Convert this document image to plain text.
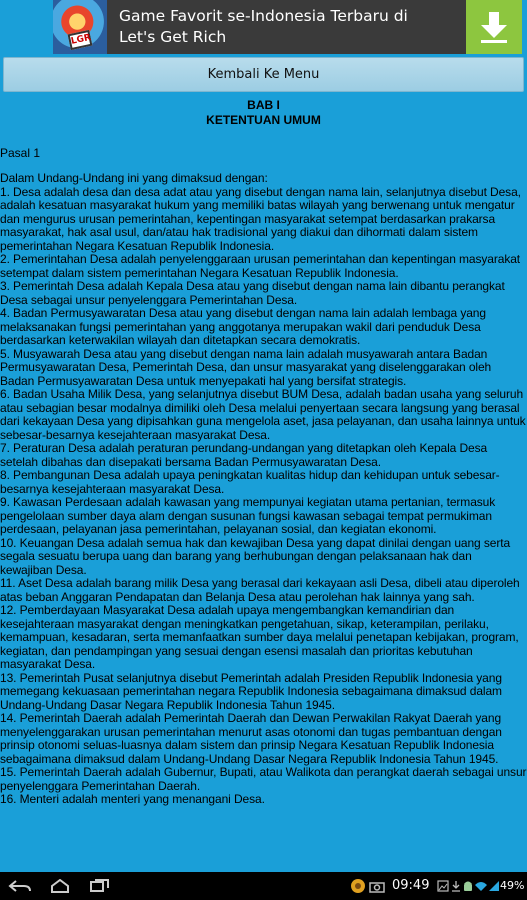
LGR
Game Favorit se-Indonesia Terbaru di Let's Get Rich
Kembali Ke Menu
BAB I
KETENTUAN UMUM
Pasal 1

Dalam Undang-Undang ini yang dimaksud dengan:

1. Desa adalah desa dan desa adat atau yang disebut dengan nama lain, selanjutnya disebut Desa, adalah kesatuan masyarakat hukum yang memiliki batas wilayah yang berwenang untuk mengatur dan mengurus urusan pemerintahan, kepentingan masyarakat setempat berdasarkan prakarsa masyarakat, hak asal usul, dan/atau hak tradisional yang diakui dan dihormati dalam sistem pemerintahan Negara Kesatuan Republik Indonesia.

2. Pemerintahan Desa adalah penyelenggaraan urusan pemerintahan dan kepentingan masyarakat setempat dalam sistem pemerintahan Negara Kesatuan Republik Indonesia.

3. Pemerintah Desa adalah Kepala Desa atau yang disebut dengan nama lain dibantu perangkat Desa sebagai unsur penyelenggara Pemerintahan Desa.

4. Badan Permusyawaratan Desa atau yang disebut dengan nama lain adalah lembaga yang melaksanakan fungsi pemerintahan yang anggotanya merupakan wakil dari penduduk Desa berdasarkan keterwakilan wilayah dan ditetapkan secara demokratis.

5. Musyawarah Desa atau yang disebut dengan nama lain adalah musyawarah antara Badan Permusyawaratan Desa, Pemerintah Desa, dan unsur masyarakat yang diselenggarakan oleh Badan Permusyawaratan Desa untuk menyepakati hal yang bersifat strategis.

6. Badan Usaha Milik Desa, yang selanjutnya disebut BUM Desa, adalah badan usaha yang seluruh atau sebagian besar modalnya dimiliki oleh Desa melalui penyertaan secara langsung yang berasal dari kekayaan Desa yang dipisahkan guna mengelola aset, jasa pelayanan, dan usaha lainnya untuk sebesar-besarnya kesejahteraan masyarakat Desa.

7. Peraturan Desa adalah peraturan perundang-undangan yang ditetapkan oleh Kepala Desa setelah dibahas dan disepakati bersama Badan Permusyawaratan Desa.

8. Pembangunan Desa adalah upaya peningkatan kualitas hidup dan kehidupan untuk sebesar-besarnya kesejahteraan masyarakat Desa.

9. Kawasan Perdesaan adalah kawasan yang mempunyai kegiatan utama pertanian, termasuk pengelolaan sumber daya alam dengan susunan fungsi kawasan sebagai tempat permukiman perdesaan, pelayanan jasa pemerintahan, pelayanan sosial, dan kegiatan ekonomi.

10. Keuangan Desa adalah semua hak dan kewajiban Desa yang dapat dinilai dengan uang serta segala sesuatu berupa uang dan barang yang berhubungan dengan pelaksanaan hak dan kewajiban Desa.

11. Aset Desa adalah barang milik Desa yang berasal dari kekayaan asli Desa, dibeli atau diperoleh atas beban Anggaran Pendapatan dan Belanja Desa atau perolehan hak lainnya yang sah.

12. Pemberdayaan Masyarakat Desa adalah upaya mengembangkan kemandirian dan kesejahteraan masyarakat dengan meningkatkan pengetahuan, sikap, keterampilan, perilaku, kemampuan, kesadaran, serta memanfaatkan sumber daya melalui penetapan kebijakan, program, kegiatan, dan pendampingan yang sesuai dengan esensi masalah dan prioritas kebutuhan masyarakat Desa.

13. Pemerintah Pusat selanjutnya disebut Pemerintah adalah Presiden Republik Indonesia yang memegang kekuasaan pemerintahan negara Republik Indonesia sebagaimana dimaksud dalam Undang-Undang Dasar Negara Republik Indonesia Tahun 1945.

14. Pemerintah Daerah adalah Pemerintah Daerah dan Dewan Perwakilan Rakyat Daerah yang menyelenggarakan urusan pemerintahan menurut asas otonomi dan tugas pembantuan dengan prinsip otonomi seluas-luasnya dalam sistem dan prinsip Negara Kesatuan Republik Indonesia sebagaimana dimaksud dalam Undang-Undang Dasar Negara Republik Indonesia Tahun 1945.

15. Pemerintah Daerah adalah Gubernur, Bupati, atau Walikota dan perangkat daerah sebagai unsur penyelenggara Pemerintahan Daerah.

16. Menteri adalah menteri yang menangani Desa.

09:49	49%
